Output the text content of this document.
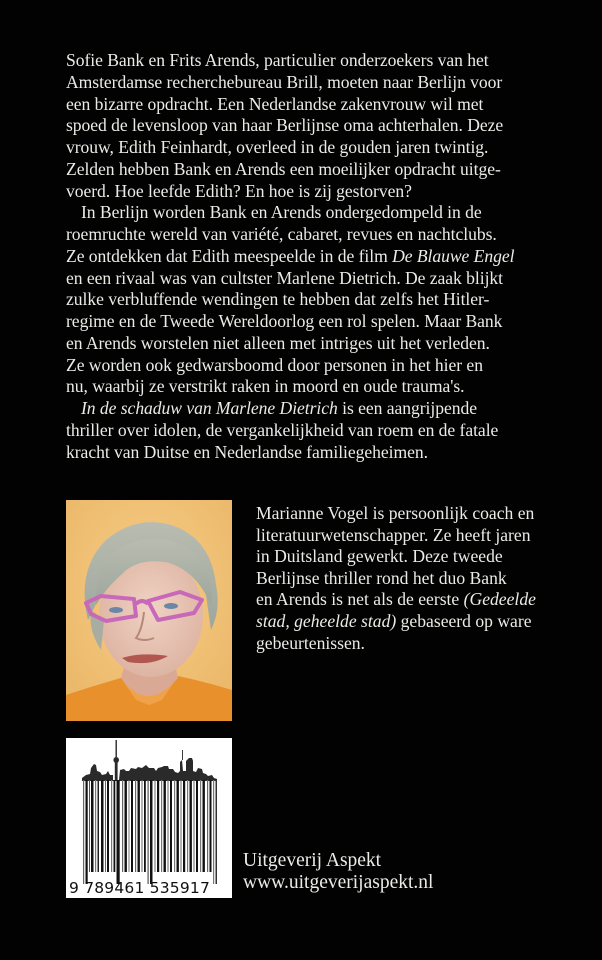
Sofie Bank en Frits Arends, particulier onderzoekers van het
Amsterdamse recherchebureau Brill, moeten naar Berlijn voor
een bizarre opdracht. Een Nederlandse zakenvrouw wil met
spoed de levensloop van haar Berlijnse oma achterhalen. Deze
vrouw, Edith Feinhardt, overleed in de gouden jaren twintig.
Zelden hebben Bank en Arends een moeilijker opdracht uitge-
voerd. Hoe leefde Edith? En hoe is zij gestorven?

In Berlijn worden Bank en Arends ondergedompeld in de
roemruchte wereld van variété, cabaret, revues en nachtclubs.
Ze ontdekken dat Edith meespeelde in de film De Blauwe Engel
en een rivaal was van cultster Marlene Dietrich. De zaak blijkt
zulke verbluffende wendingen te hebben dat zelfs het Hitler-
regime en de Tweede Wereldoorlog een rol spelen. Maar Bank
en Arends worstelen niet alleen met intriges uit het verleden.
Ze worden ook gedwarsboomd door personen in het hier en
nu, waarbij ze verstrikt raken in moord en oude trauma's.

In de schaduw van Marlene Dietrich is een aangrijpende
thriller over idolen, de vergankelijkheid van roem en de fatale
kracht van Duitse en Nederlandse familiegeheimen.

Marianne Vogel is persoonlijk coach en
literatuurwetenschapper. Ze heeft jaren
in Duitsland gewerkt. Deze tweede
Berlijnse thriller rond het duo Bank
en Arends is net als de eerste (Gedeelde
stad, geheelde stad) gebaseerd op ware
gebeurtenissen.
9 789461 535917
Uitgeverij Aspekt
www.uitgeverijaspekt.nl
